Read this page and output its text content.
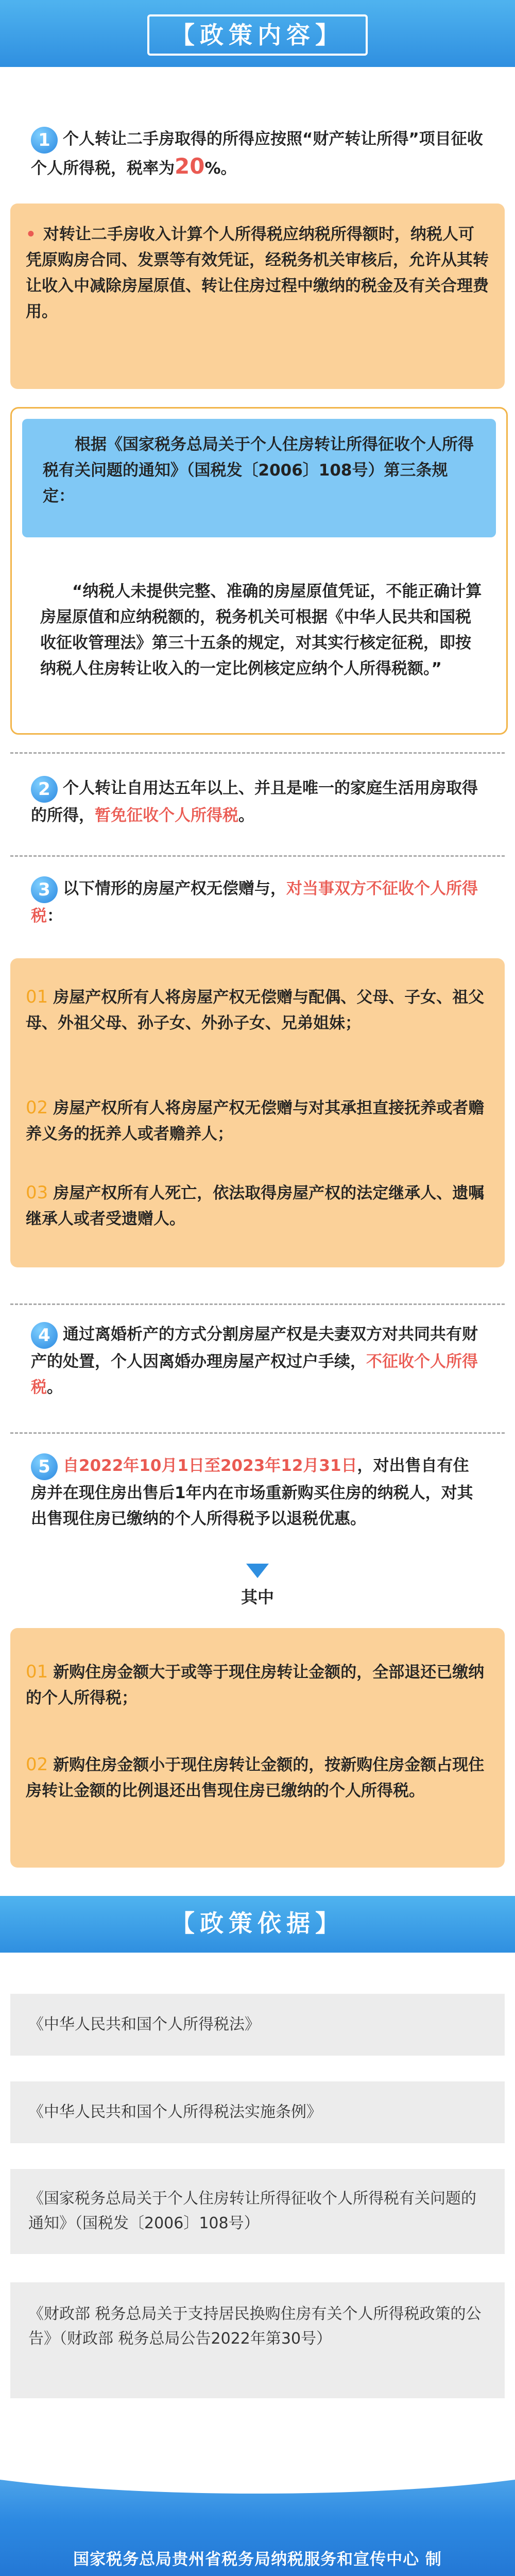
【政策内容】

1 个人转让二手房取得的所得应按照“财产转让所得”项目征收个人所得税，税率为20%。

• 对转让二手房收入计算个人所得税应纳税所得额时，纳税人可凭原购房合同、发票等有效凭证，经税务机关审核后，允许从其转让收入中减除房屋原值、转让住房过程中缴纳的税金及有关合理费用。

根据《国家税务总局关于个人住房转让所得征收个人所得税有关问题的通知》（国税发〔2006〕108号）第三条规定：

“纳税人未提供完整、准确的房屋原值凭证，不能正确计算房屋原值和应纳税额的，税务机关可根据《中华人民共和国税收征收管理法》第三十五条的规定，对其实行核定征税，即按纳税人住房转让收入的一定比例核定应纳个人所得税额。”

2 个人转让自用达五年以上、并且是唯一的家庭生活用房取得的所得，暂免征收个人所得税。

3 以下情形的房屋产权无偿赠与，对当事双方不征收个人所得税：

01 房屋产权所有人将房屋产权无偿赠与配偶、父母、子女、祖父母、外祖父母、孙子女、外孙子女、兄弟姐妹；

02 房屋产权所有人将房屋产权无偿赠与对其承担直接抚养或者赡养义务的抚养人或者赡养人；

03 房屋产权所有人死亡，依法取得房屋产权的法定继承人、遗嘱继承人或者受遗赠人。

4 通过离婚析产的方式分割房屋产权是夫妻双方对共同共有财产的处置，个人因离婚办理房屋产权过户手续，不征收个人所得税。

5 自2022年10月1日至2023年12月31日，对出售自有住房并在现住房出售后1年内在市场重新购买住房的纳税人，对其出售现住房已缴纳的个人所得税予以退税优惠。

其中

01 新购住房金额大于或等于现住房转让金额的，全部退还已缴纳的个人所得税；

02 新购住房金额小于现住房转让金额的，按新购住房金额占现住房转让金额的比例退还出售现住房已缴纳的个人所得税。

【政策依据】

《中华人民共和国个人所得税法》

《中华人民共和国个人所得税法实施条例》

《国家税务总局关于个人住房转让所得征收个人所得税有关问题的通知》（国税发〔2006〕108号）

《财政部 税务总局关于支持居民换购住房有关个人所得税政策的公告》（财政部 税务总局公告2022年第30号）

国家税务总局贵州省税务局纳税服务和宣传中心 制
